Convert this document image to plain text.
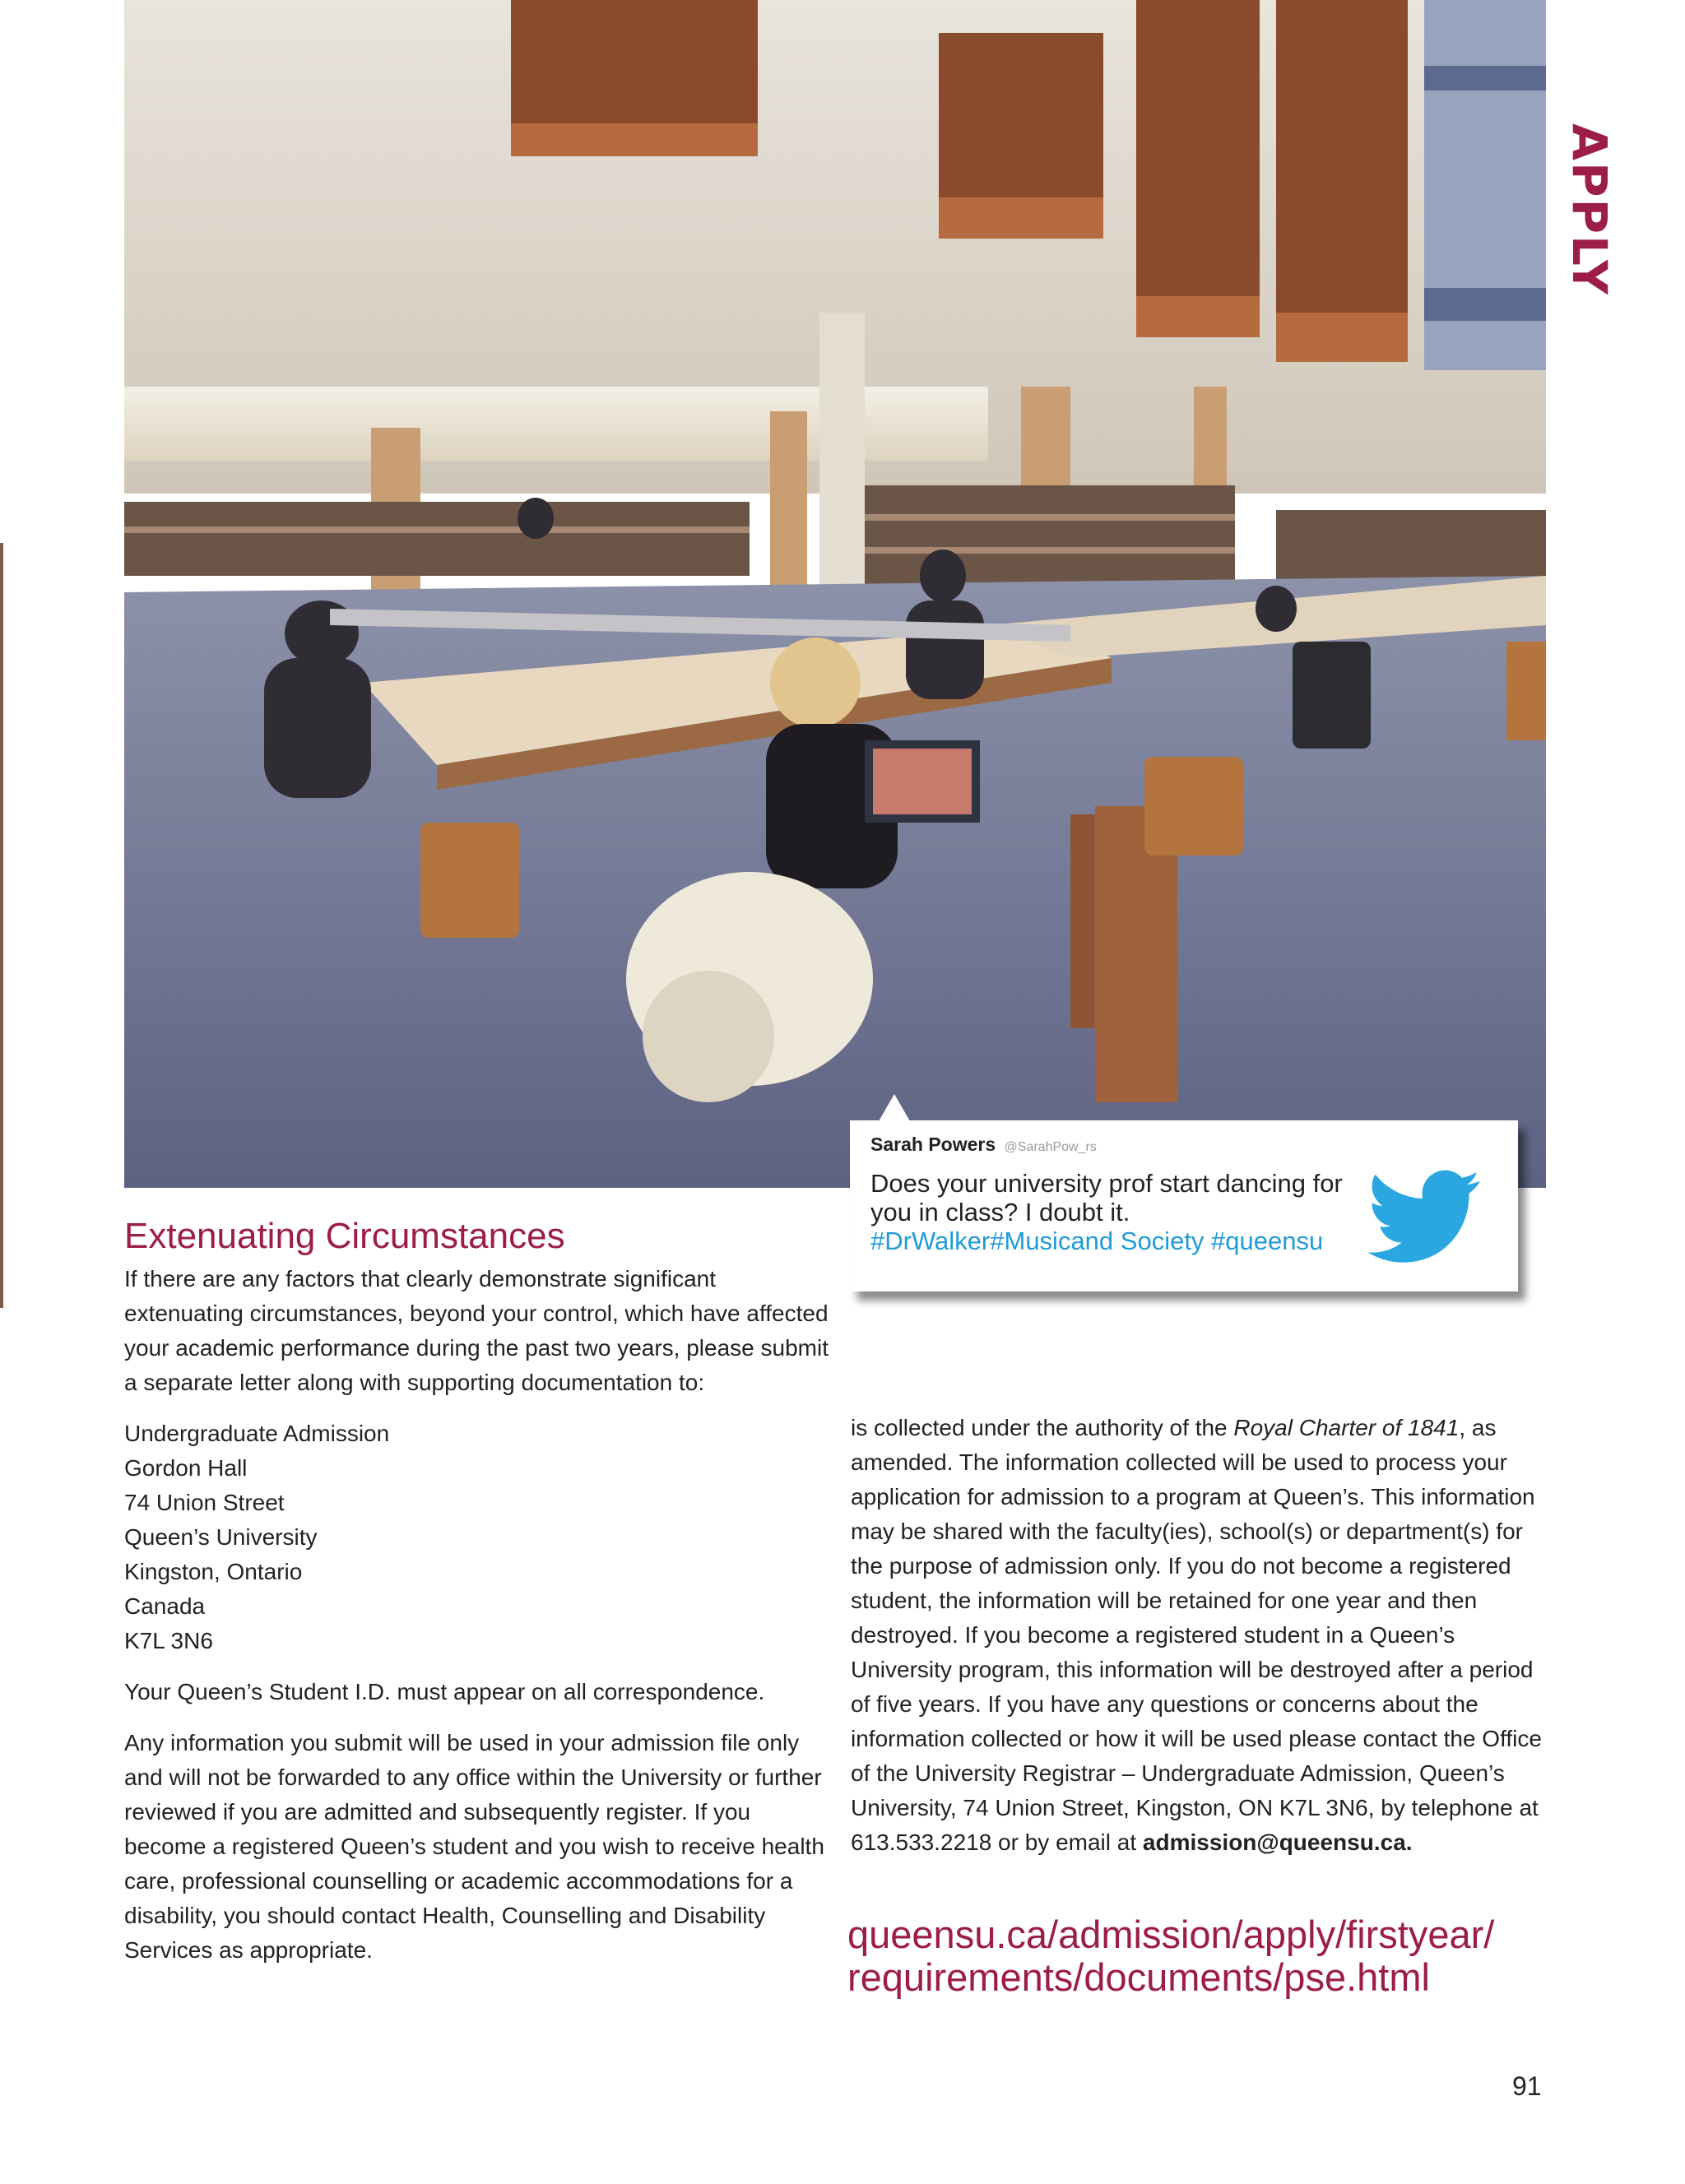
APPLY
Sarah Powers @SarahPow_rs
Does your university prof start dancing for you in class? I doubt it.
#DrWalker#Musicand Society #queensu
Extenuating Circumstances

If there are any factors that clearly demonstrate significant extenuating circumstances, beyond your control, which have affected your academic performance during the past two years, please submit a separate letter along with supporting documentation to:

Undergraduate Admission
Gordon Hall
74 Union Street
Queen’s University
Kingston, Ontario
Canada
K7L 3N6

Your Queen’s Student I.D. must appear on all correspondence.

Any information you submit will be used in your admission file only and will not be forwarded to any office within the University or further reviewed if you are admitted and subsequently register. If you become a registered Queen’s student and you wish to receive health care, professional counselling or academic accommodations for a disability, you should contact Health, Counselling and Disability Services as appropriate.

is collected under the authority of the Royal Charter of 1841, as amended. The information collected will be used to process your application for admission to a program at Queen’s. This information may be shared with the faculty(ies), school(s) or department(s) for the purpose of admission only. If you do not become a registered student, the information will be retained for one year and then destroyed. If you become a registered student in a Queen’s University program, this information will be destroyed after a period of five years. If you have any questions or concerns about the information collected or how it will be used please contact the Office of the University Registrar – Undergraduate Admission, Queen’s University, 74 Union Street, Kingston, ON K7L 3N6, by telephone at 613.533.2218 or by email at admission@queensu.ca.

queensu.ca/admission/apply/firstyear/
requirements/documents/pse.html
91
